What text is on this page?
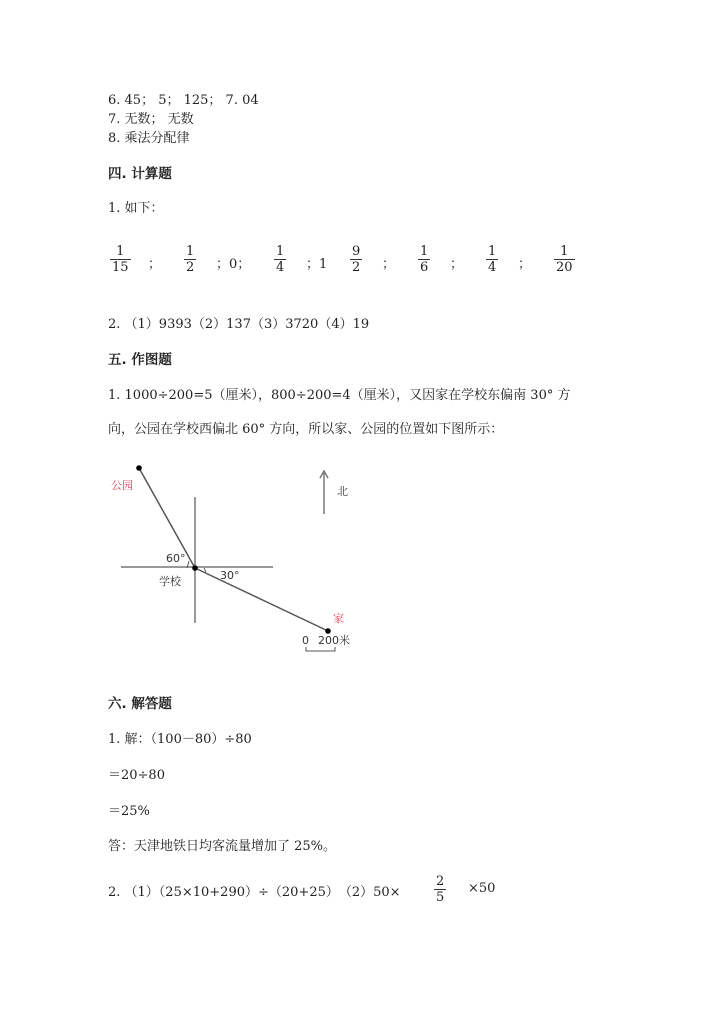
6. 45； 5； 125； 7. 04
7. 无数； 无数
8. 乘法分配律
四. 计算题
1. 如下：
1
15 ；
1
2 ；0；
1
4 ；1
9
2 ；
1
6 ；
1
4 ；
1
20
2. （1）9393（2）137（3）3720（4）19
五. 作图题
1. 1000÷200=5（厘米），800÷200=4（厘米），又因家在学校东偏南 30° 方
向，公园在学校西偏北 60° 方向，所以家、公园的位置如下图所示：
公园
60°
学校	30°
家
北
0 200米
六. 解答题
1. 解：（100－80）÷80
＝20÷80
＝25%
答：天津地铁日均客流量增加了 25%。
2. （1）（25×10+290）÷（20+25）　（2）50×
2
5
×50
